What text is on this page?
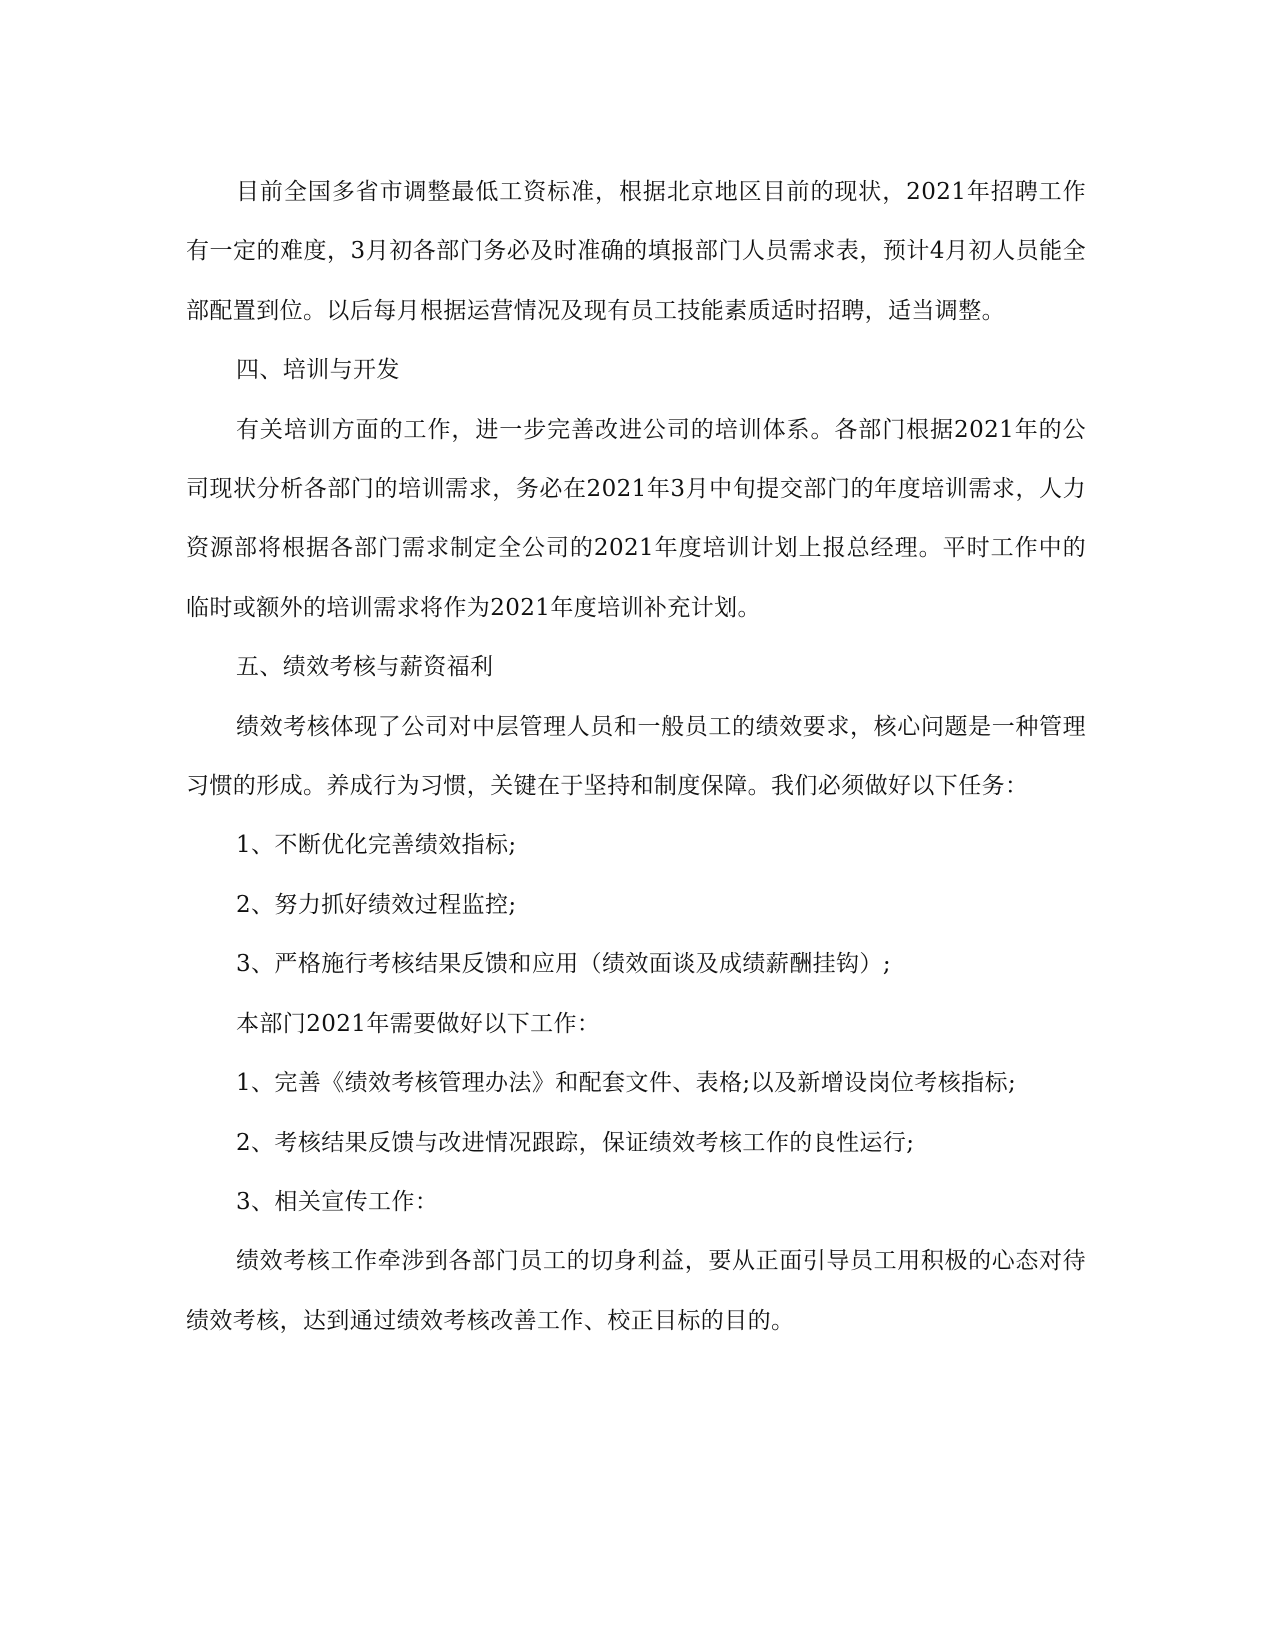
目前全国多省市调整最低工资标准，根据北京地区目前的现状，2021年招聘工作有一定的难度，3月初各部门务必及时准确的填报部门人员需求表，预计4月初人员能全部配置到位。以后每月根据运营情况及现有员工技能素质适时招聘，适当调整。

四、培训与开发

有关培训方面的工作，进一步完善改进公司的培训体系。各部门根据2021年的公司现状分析各部门的培训需求，务必在2021年3月中旬提交部门的年度培训需求，人力资源部将根据各部门需求制定全公司的2021年度培训计划上报总经理。平时工作中的临时或额外的培训需求将作为2021年度培训补充计划。

五、绩效考核与薪资福利

绩效考核体现了公司对中层管理人员和一般员工的绩效要求，核心问题是一种管理习惯的形成。养成行为习惯，关键在于坚持和制度保障。我们必须做好以下任务：

1、不断优化完善绩效指标;

2、努力抓好绩效过程监控;

3、严格施行考核结果反馈和应用（绩效面谈及成绩薪酬挂钩）;

本部门2021年需要做好以下工作：

1、完善《绩效考核管理办法》和配套文件、表格;以及新增设岗位考核指标;

2、考核结果反馈与改进情况跟踪，保证绩效考核工作的良性运行;

3、相关宣传工作：

绩效考核工作牵涉到各部门员工的切身利益，要从正面引导员工用积极的心态对待绩效考核，达到通过绩效考核改善工作、校正目标的目的。
